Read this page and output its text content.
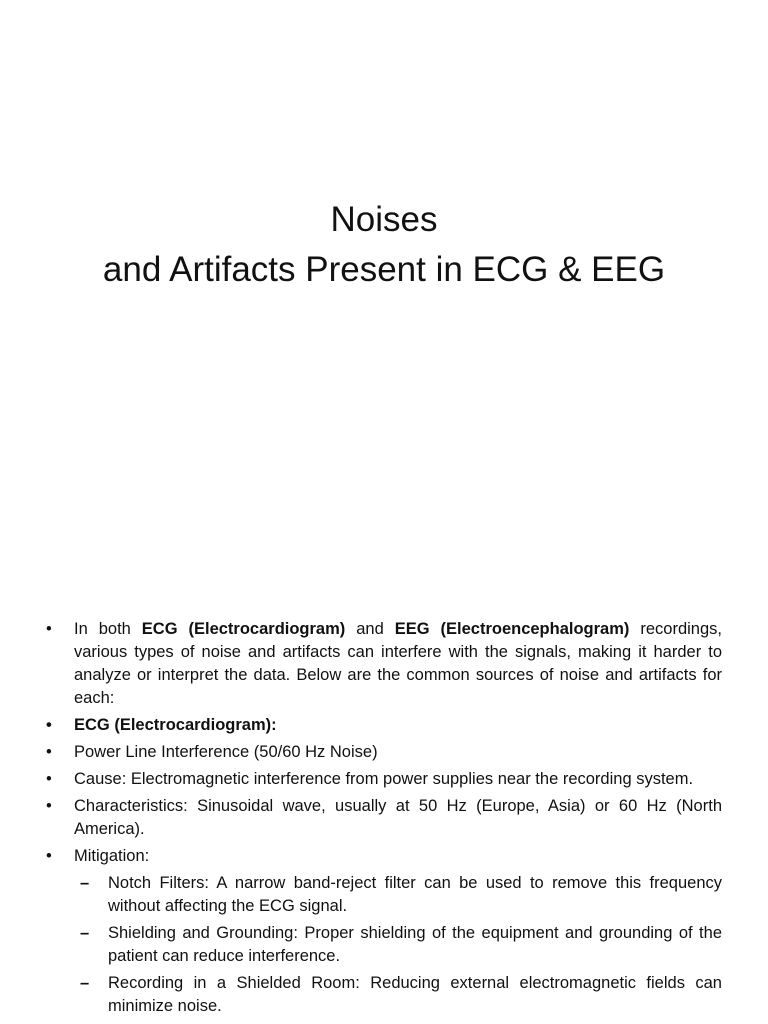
Noises
and Artifacts Present in ECG & EEG
•	In both ECG (Electrocardiogram) and EEG (Electroencephalogram) recordings, various types of noise and artifacts can interfere with the signals, making it harder to analyze or interpret the data. Below are the common sources of noise and artifacts for each:
•	ECG (Electrocardiogram):
•	Power Line Interference (50/60 Hz Noise)
•	Cause: Electromagnetic interference from power supplies near the recording system.
•	Characteristics: Sinusoidal wave, usually at 50 Hz (Europe, Asia) or 60 Hz (North America).
•	Mitigation:
– Notch Filters: A narrow band-reject filter can be used to remove this frequency without affecting the ECG signal.
– Shielding and Grounding: Proper shielding of the equipment and grounding of the patient can reduce interference.
– Recording in a Shielded Room: Reducing external electromagnetic fields can minimize noise.
